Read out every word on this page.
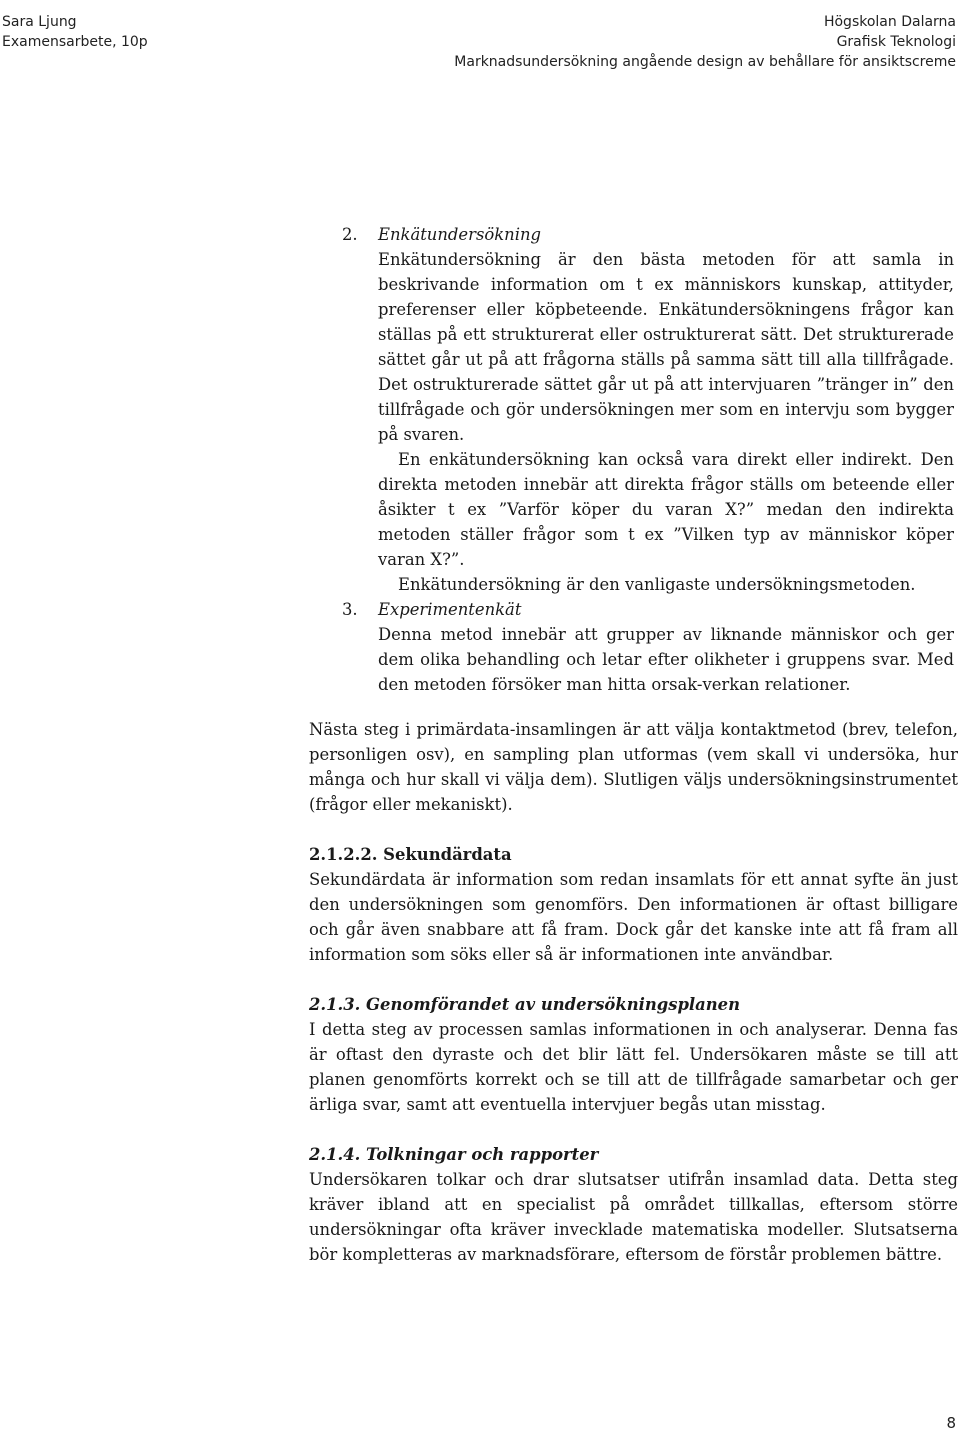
Sara Ljung
Examensarbete, 10p
Högskolan Dalarna
Grafisk Teknologi
Marknadsundersökning angående design av behållare för ansiktscreme
2. Enkätundersökning
Enkätundersökning är den bästa metoden för att samla in beskrivande information om t ex människors kunskap, attityder, preferenser eller köpbeteende. Enkätundersökningens frågor kan ställas på ett strukturerat eller ostrukturerat sätt. Det strukturerade sättet går ut på att frågorna ställs på samma sätt till alla tillfrågade. Det ostrukturerade sättet går ut på att intervjuaren ”tränger in” den tillfrågade och gör undersökningen mer som en intervju som bygger på svaren.
En enkätundersökning kan också vara direkt eller indirekt. Den direkta metoden innebär att direkta frågor ställs om beteende eller åsikter t ex ”Varför köper du varan X?” medan den indirekta metoden ställer frågor som t ex ”Vilken typ av människor köper varan X?”.
Enkätundersökning är den vanligaste undersökningsmetoden.
3. Experimentenkät
Denna metod innebär att grupper av liknande människor och ger dem olika behandling och letar efter olikheter i gruppens svar. Med den metoden försöker man hitta orsak-verkan relationer.
Nästa steg i primärdata-insamlingen är att välja kontaktmetod (brev, telefon, personligen osv), en sampling plan utformas (vem skall vi undersöka, hur många och hur skall vi välja dem). Slutligen väljs undersökningsinstrumentet (frågor eller mekaniskt).
2.1.2.2. Sekundärdata
Sekundärdata är information som redan insamlats för ett annat syfte än just den undersökningen som genomförs. Den informationen är oftast billigare och går även snabbare att få fram. Dock går det kanske inte att få fram all information som söks eller så är informationen inte användbar.
2.1.3. Genomförandet av undersökningsplanen
I detta steg av processen samlas informationen in och analyserar. Denna fas är oftast den dyraste och det blir lätt fel. Undersökaren måste se till att planen genomförts korrekt och se till att de tillfrågade samarbetar och ger ärliga svar, samt att eventuella intervjuer begås utan misstag.
2.1.4. Tolkningar och rapporter
Undersökaren tolkar och drar slutsatser utifrån insamlad data. Detta steg kräver ibland att en specialist på området tillkallas, eftersom större undersökningar ofta kräver invecklade matematiska modeller. Slutsatserna bör kompletteras av marknadsförare, eftersom de förstår problemen bättre.
8
